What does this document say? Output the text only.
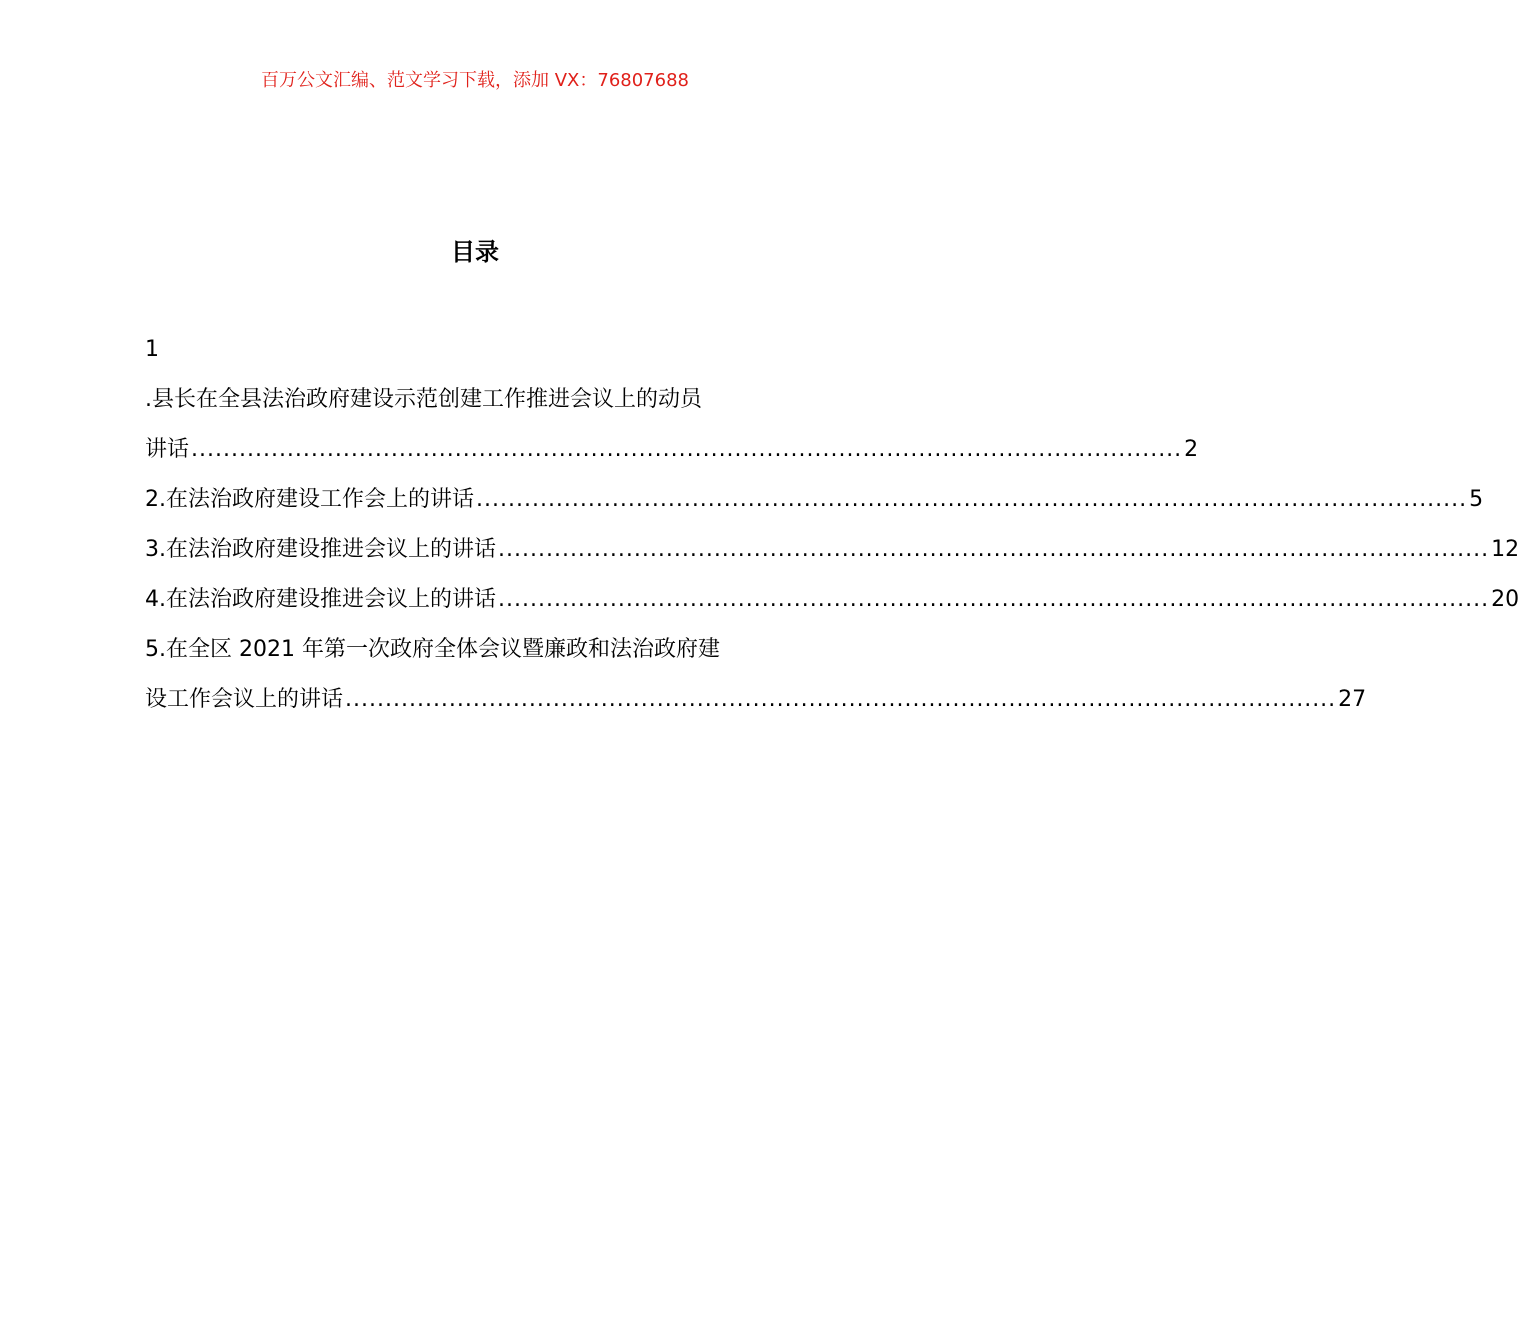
百万公文汇编、范文学习下载，添加 VX：76807688
目录
1
.县长在全县法治政府建设示范创建工作推进会议上的动员
讲话 ............................................................................................................................ 2
2.在法治政府建设工作会上的讲话 ............................................................................................................................ 5
3.在法治政府建设推进会议上的讲话 ............................................................................................................................ 12
4.在法治政府建设推进会议上的讲话 ............................................................................................................................ 20
5.在全区 2021 年第一次政府全体会议暨廉政和法治政府建
设工作会议上的讲话 ............................................................................................................................ 27
